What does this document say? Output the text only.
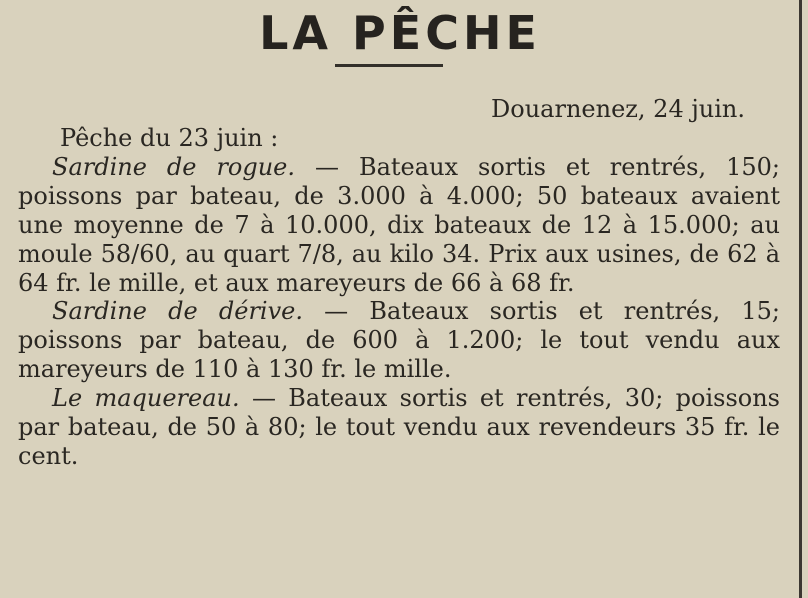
LA PÊCHE
Douarnenez, 24 juin.

Pêche du 23 juin :

Sardine de rogue. — Bateaux sortis et rentrés, 150; poissons par bateau, de 3.000 à 4.000; 50 bateaux avaient une moyenne de 7 à 10.000, dix bateaux de 12 à 15.000; au moule 58/60, au quart 7/8, au kilo 34. Prix aux usines, de 62 à 64 fr. le mille, et aux mareyeurs de 66 à 68 fr.

Sardine de dérive. — Bateaux sortis et rentrés, 15; poissons par bateau, de 600 à 1.200; le tout vendu aux mareyeurs de 110 à 130 fr. le mille.

Le maquereau. — Bateaux sortis et rentrés, 30; poissons par bateau, de 50 à 80; le tout vendu aux revendeurs 35 fr. le cent.
